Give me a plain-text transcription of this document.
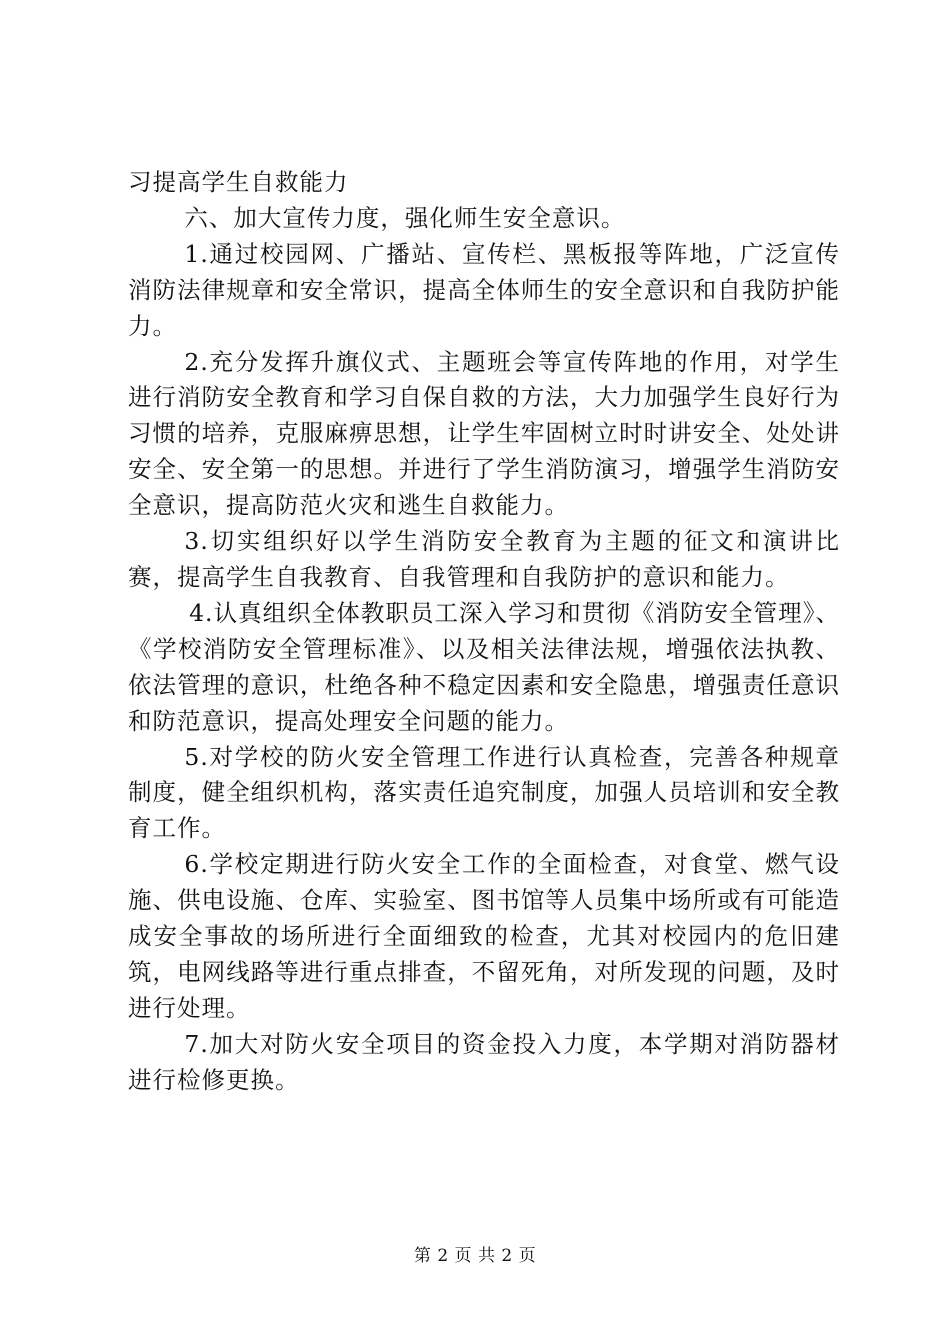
习提高学生自救能力

六、加大宣传力度，强化师生安全意识。

1.通过校园网、广播站、宣传栏、黑板报等阵地，广泛宣传消防法律规章和安全常识，提高全体师生的安全意识和自我防护能力。

2.充分发挥升旗仪式、主题班会等宣传阵地的作用，对学生进行消防安全教育和学习自保自救的方法，大力加强学生良好行为习惯的培养，克服麻痹思想，让学生牢固树立时时讲安全、处处讲安全、安全第一的思想。并进行了学生消防演习，增强学生消防安全意识，提高防范火灾和逃生自救能力。

3.切实组织好以学生消防安全教育为主题的征文和演讲比赛，提高学生自我教育、自我管理和自我防护的意识和能力。

4.认真组织全体教职员工深入学习和贯彻《消防安全管理》、《学校消防安全管理标准》、以及相关法律法规，增强依法执教、依法管理的意识，杜绝各种不稳定因素和安全隐患，增强责任意识和防范意识，提高处理安全问题的能力。

5.对学校的防火安全管理工作进行认真检查，完善各种规章制度，健全组织机构，落实责任追究制度，加强人员培训和安全教育工作。

6.学校定期进行防火安全工作的全面检查，对食堂、燃气设施、供电设施、仓库、实验室、图书馆等人员集中场所或有可能造成安全事故的场所进行全面细致的检查，尤其对校园内的危旧建筑，电网线路等进行重点排查，不留死角，对所发现的问题，及时进行处理。

7.加大对防火安全项目的资金投入力度，本学期对消防器材进行检修更换。

第 2 页 共 2 页
